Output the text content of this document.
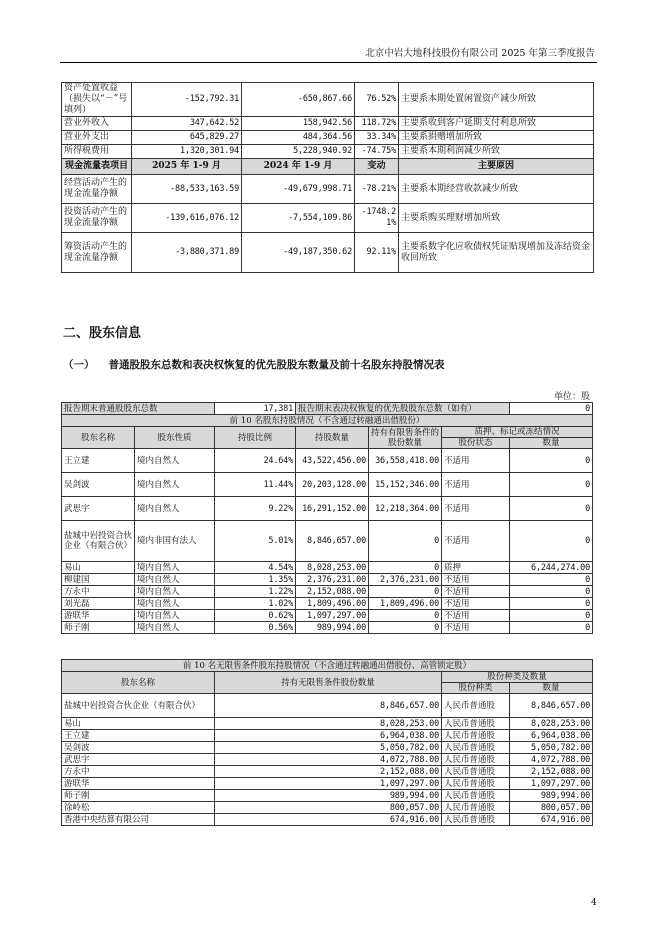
北京中岩大地科技股份有限公司 2025 年第三季度报告
资产处置收益（损失以“－”号填列）	-152,792.31	-650,867.66	76.52%	主要系本期处置闲置资产减少所致
营业外收入	347,642.52	158,942.56	118.72%	主要系收到客户延期支付利息所致
营业外支出	645,829.27	484,364.56	33.34%	主要系捐赠增加所致
所得税费用	1,320,301.94	5,228,940.92	-74.75%	主要系本期利润减少所致
现金流量表项目	2025 年 1-9 月	2024 年 1-9 月	变动	主要原因
经营活动产生的现金流量净额	-88,533,163.59	-49,679,998.71	-78.21%	主要系本期经营收款减少所致
投资活动产生的现金流量净额	-139,616,076.12	-7,554,109.86	-1748.21%	主要系购买理财增加所致
筹资活动产生的现金流量净额	-3,880,371.89	-49,187,350.62	92.11%	主要系数字化应收债权凭证贴现增加及冻结资金收回所致
二、股东信息
（一） 普通股股东总数和表决权恢复的优先股股东数量及前十名股东持股情况表
单位：股
报告期末普通股股东总数		17,381	报告期末表决权恢复的优先股股东总数（如有）			0
前 10 名股东持股情况（不含通过转融通出借股份）						
股东名称	股东性质	持股比例	持股数量	持有有限售条件的股份数量	质押、标记或冻结情况	
					股份状态	数量
王立建	境内自然人	24.64%	43,522,456.00	36,558,418.00	不适用	0
吴剑波	境内自然人	11.44%	20,203,128.00	15,152,346.00	不适用	0
武思宇	境内自然人	9.22%	16,291,152.00	12,218,364.00	不适用	0
盐城中岩投资合伙企业（有限合伙）	境内非国有法人	5.01%	8,846,657.00	0	不适用	0
易山	境内自然人	4.54%	8,028,253.00	0	质押	6,244,274.00
柳建国	境内自然人	1.35%	2,376,231.00	2,376,231.00	不适用	0
方永中	境内自然人	1.22%	2,152,088.00	0	不适用	0
刘光磊	境内自然人	1.02%	1,809,496.00	1,809,496.00	不适用	0
游联华	境内自然人	0.62%	1,097,297.00	0	不适用	0
师子刚	境内自然人	0.56%	989,994.00	0	不适用	0
前 10 名无限售条件股东持股情况（不含通过转融通出借股份、高管锁定股）			
股东名称	持有无限售条件股份数量	股份种类及数量	
		股份种类	数量
盐城中岩投资合伙企业（有限合伙）	8,846,657.00	人民币普通股	8,846,657.00
易山	8,028,253.00	人民币普通股	8,028,253.00
王立建	6,964,038.00	人民币普通股	6,964,038.00
吴剑波	5,050,782.00	人民币普通股	5,050,782.00
武思宇	4,072,788.00	人民币普通股	4,072,788.00
方永中	2,152,088.00	人民币普通股	2,152,088.00
游联华	1,097,297.00	人民币普通股	1,097,297.00
师子刚	989,994.00	人民币普通股	989,994.00
徐岭松	800,057.00	人民币普通股	800,057.00
香港中央结算有限公司	674,916.00	人民币普通股	674,916.00
4
